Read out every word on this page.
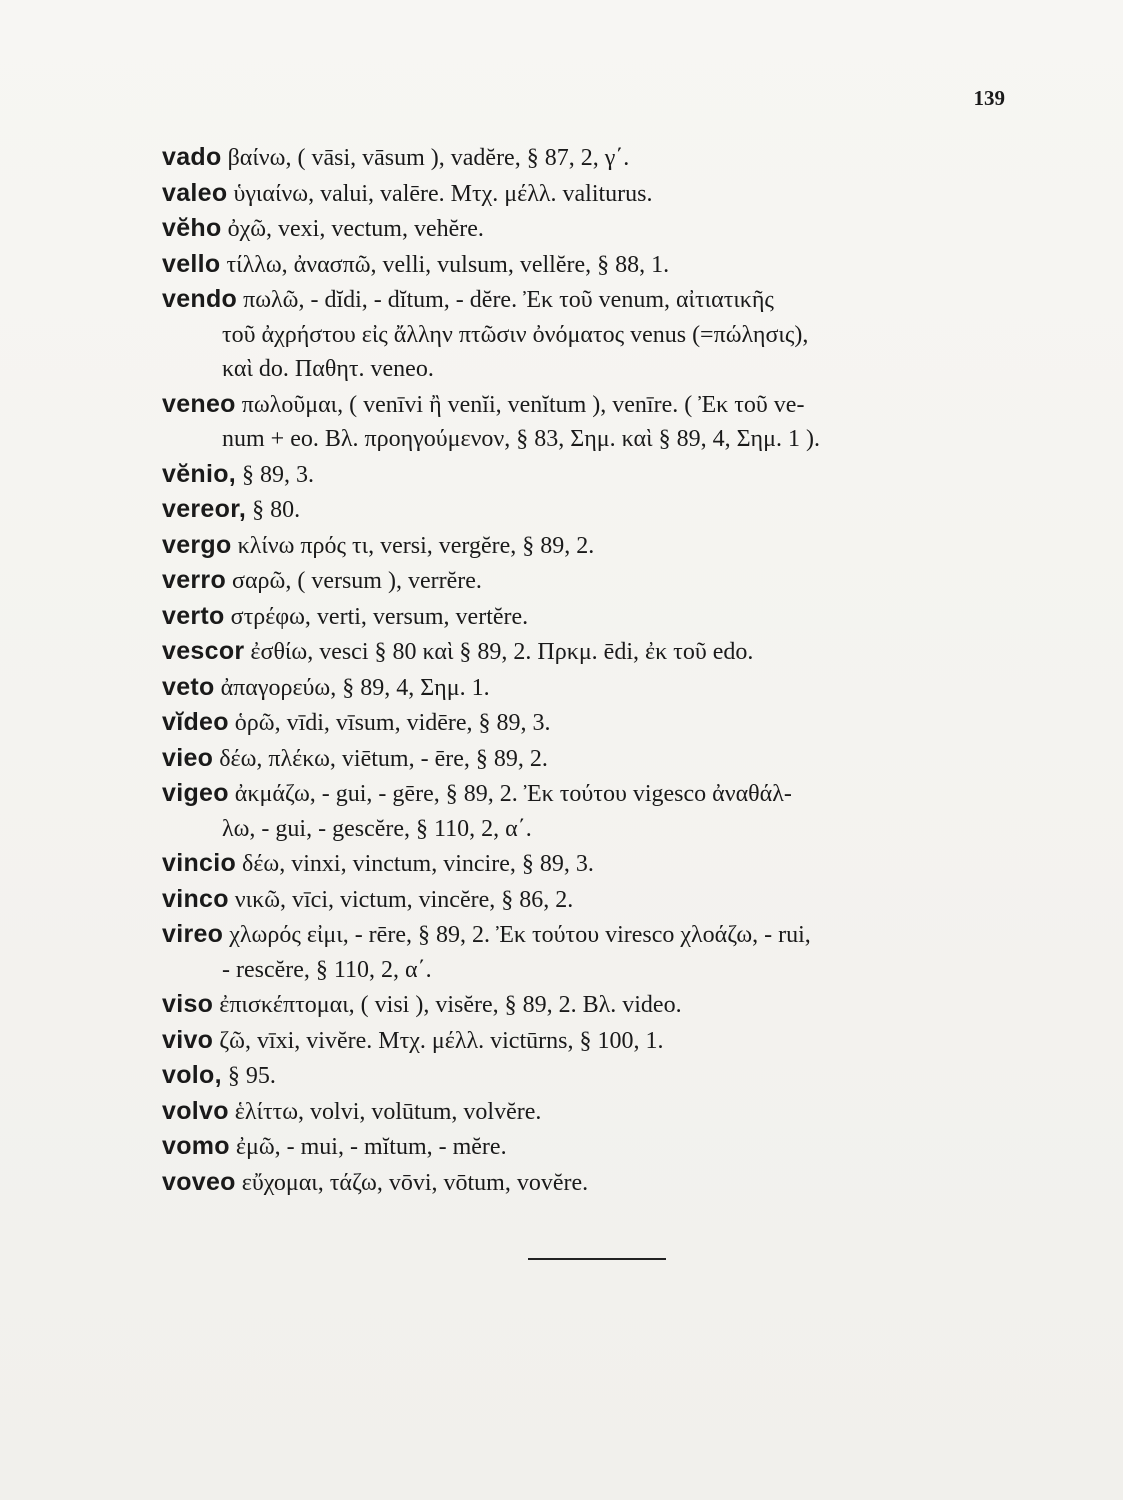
139
vado βαίνω, ( vāsi, vāsum ), vadĕre, § 87, 2, γ΄.
valeo ὑγιαίνω, valui, valēre. Μτχ. μέλλ. valiturus.
vĕho ὀχῶ, vexi, vectum, vehĕre.
vello τίλλω, ἀνασπῶ, velli, vulsum, vellĕre, § 88, 1.
vendo πωλῶ, - dĭdi, - dĭtum, - dĕre. Ἐκ τοῦ venum, αἰτιατικῆς
τοῦ ἀχρήστου εἰς ἄλλην πτῶσιν ὀνόματος venus (=πώλησις),
καὶ do. Παθητ. veneo.
veneo πωλοῦμαι, ( venīvi ἢ venĭi, venĭtum ), venīre. ( Ἐκ τοῦ ve-
num + eo. Βλ. προηγούμενον, § 83, Σημ. καὶ § 89, 4, Σημ. 1 ).
vĕnio, § 89, 3.
vereor, § 80.
vergo κλίνω πρός τι, versi, vergĕre, § 89, 2.
verro σαρῶ, ( versum ), verrĕre.
verto στρέφω, verti, versum, vertĕre.
vescor ἐσθίω, vesci § 80 καὶ § 89, 2. Πρκμ. ēdi, ἐκ τοῦ edo.
veto ἀπαγορεύω, § 89, 4, Σημ. 1.
vĭdeo ὁρῶ, vīdi, vīsum, vidēre, § 89, 3.
vieo δέω, πλέκω, viētum, - ēre, § 89, 2.
vigeo ἀκμάζω, - gui, - gēre, § 89, 2. Ἐκ τούτου vigesco ἀναθάλ-
λω, - gui, - gescĕre, § 110, 2, α΄.
vincio δέω, vinxi, vinctum, vincire, § 89, 3.
vinco νικῶ, vīci, victum, vincĕre, § 86, 2.
vireo χλωρός εἰμι, - rēre, § 89, 2. Ἐκ τούτου viresco χλοάζω, - rui,
- rescĕre, § 110, 2, α΄.
viso ἐπισκέπτομαι, ( visi ), visĕre, § 89, 2. Βλ. video.
vivo ζῶ, vīxi, vivĕre. Μτχ. μέλλ. victūrns, § 100, 1.
volo, § 95.
volvo ἑλίττω, volvi, volūtum, volvĕre.
vomo ἐμῶ, - mui, - mĭtum, - mĕre.
voveo εὔχομαι, τάζω, vōvi, vōtum, vovĕre.
